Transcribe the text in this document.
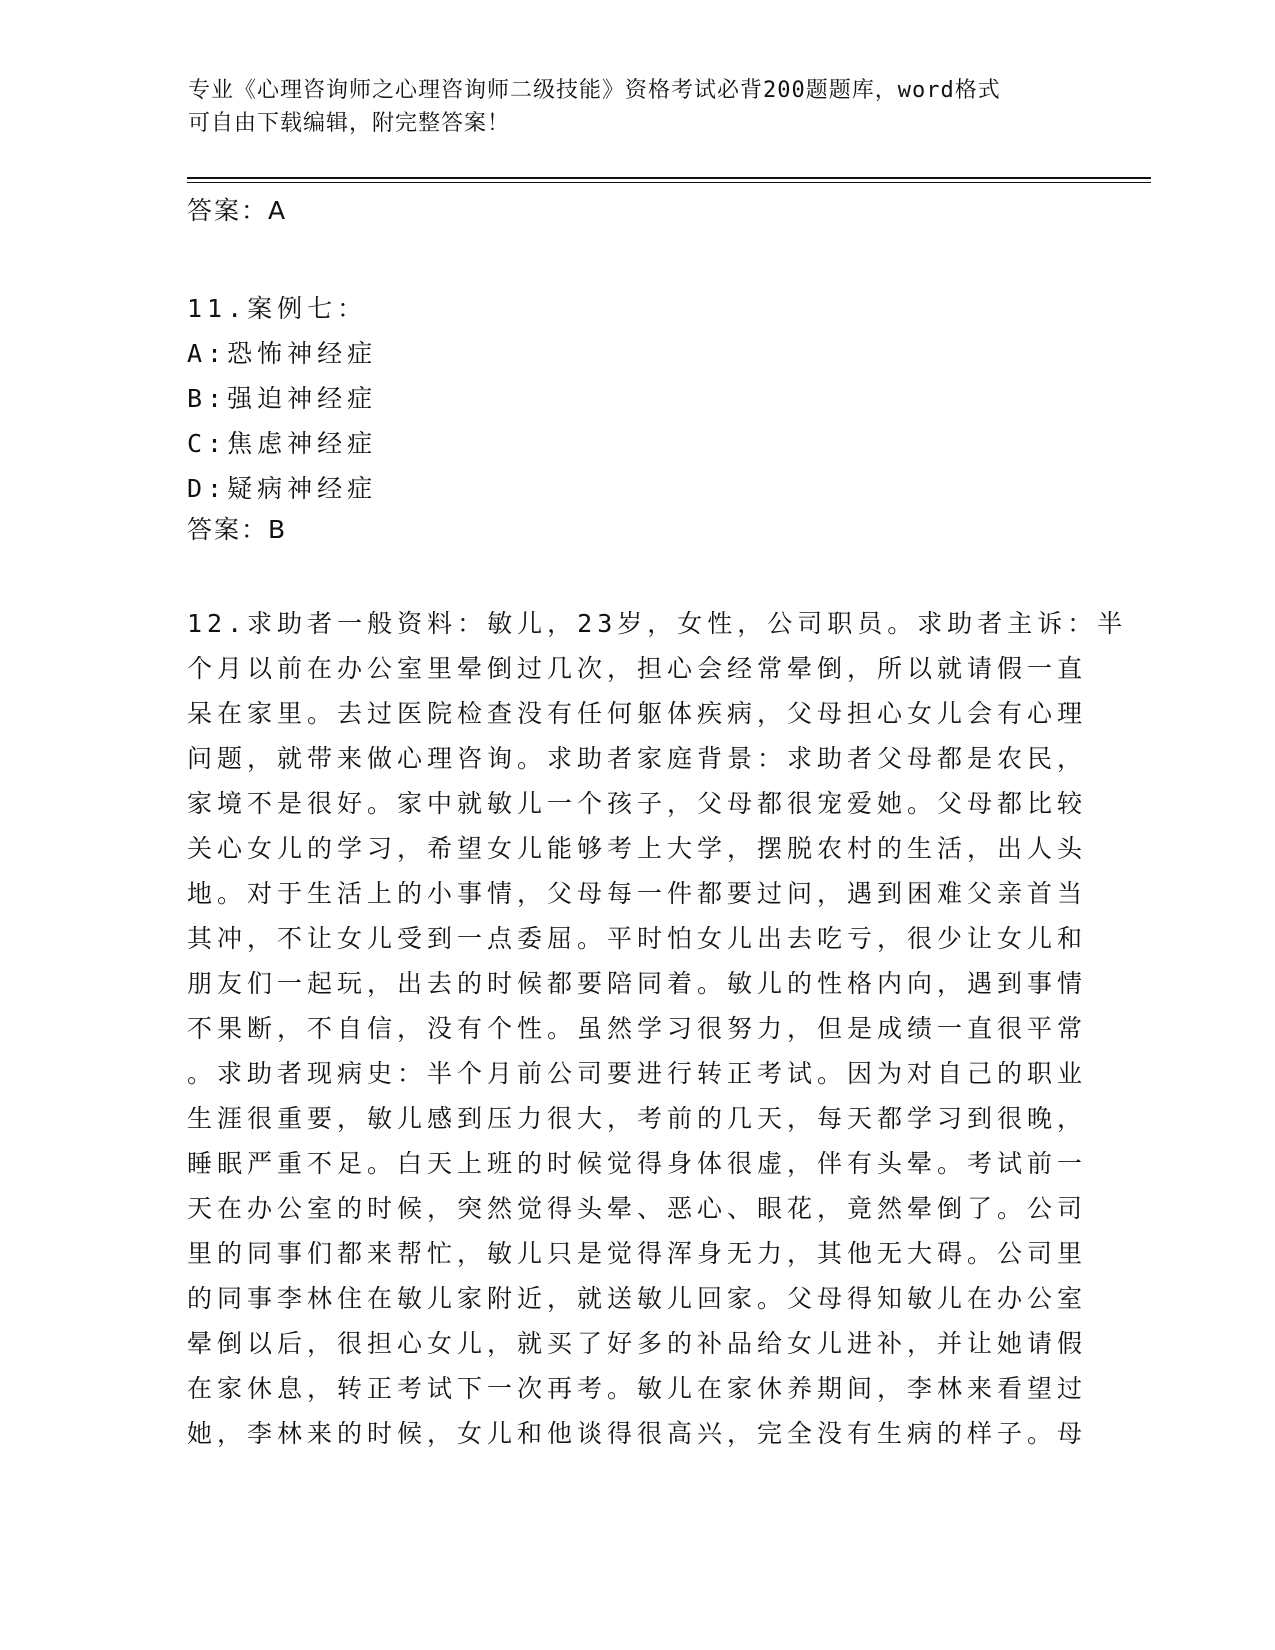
专业《心理咨询师之心理咨询师二级技能》资格考试必背200题题库，word格式
可自由下载编辑，附完整答案！
答案：A
11.案例七：
A:恐怖神经症
B:强迫神经症
C:焦虑神经症
D:疑病神经症
答案：B
12.求助者一般资料：敏儿，23岁，女性，公司职员。求助者主诉：半
个月以前在办公室里晕倒过几次，担心会经常晕倒，所以就请假一直
呆在家里。去过医院检查没有任何躯体疾病，父母担心女儿会有心理
问题，就带来做心理咨询。求助者家庭背景：求助者父母都是农民，
家境不是很好。家中就敏儿一个孩子，父母都很宠爱她。父母都比较
关心女儿的学习，希望女儿能够考上大学，摆脱农村的生活，出人头
地。对于生活上的小事情，父母每一件都要过问，遇到困难父亲首当
其冲，不让女儿受到一点委屈。平时怕女儿出去吃亏，很少让女儿和
朋友们一起玩，出去的时候都要陪同着。敏儿的性格内向，遇到事情
不果断，不自信，没有个性。虽然学习很努力，但是成绩一直很平常
。求助者现病史：半个月前公司要进行转正考试。因为对自己的职业
生涯很重要，敏儿感到压力很大，考前的几天，每天都学习到很晚，
睡眠严重不足。白天上班的时候觉得身体很虚，伴有头晕。考试前一
天在办公室的时候，突然觉得头晕、恶心、眼花，竟然晕倒了。公司
里的同事们都来帮忙，敏儿只是觉得浑身无力，其他无大碍。公司里
的同事李林住在敏儿家附近，就送敏儿回家。父母得知敏儿在办公室
晕倒以后，很担心女儿，就买了好多的补品给女儿进补，并让她请假
在家休息，转正考试下一次再考。敏儿在家休养期间，李林来看望过
她，李林来的时候，女儿和他谈得很高兴，完全没有生病的样子。母
